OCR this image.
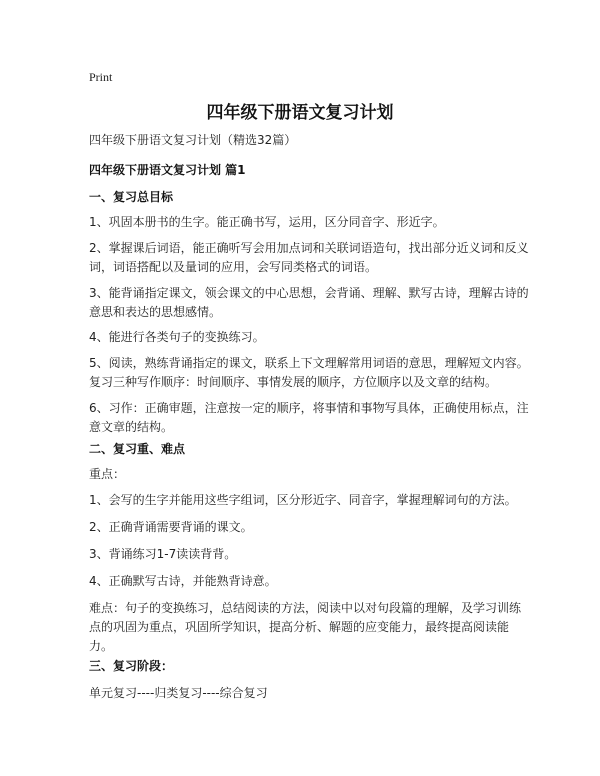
Print
四年级下册语文复习计划

四年级下册语文复习计划（精选32篇）

四年级下册语文复习计划 篇1

一、复习总目标

1、巩固本册书的生字。能正确书写，运用，区分同音字、形近字。

2、掌握课后词语，能正确听写会用加点词和关联词语造句，找出部分近义词和反义词，词语搭配以及量词的应用，会写同类格式的词语。

3、能背诵指定课文，领会课文的中心思想，会背诵、理解、默写古诗，理解古诗的意思和表达的思想感情。

4、能进行各类句子的变换练习。

5、阅读，熟练背诵指定的课文，联系上下文理解常用词语的意思，理解短文内容。复习三种写作顺序：时间顺序、事情发展的顺序，方位顺序以及文章的结构。

6、习作：正确审题，注意按一定的顺序，将事情和事物写具体，正确使用标点，注意文章的结构。

二、复习重、难点

重点：

1、会写的生字并能用这些字组词，区分形近字、同音字，掌握理解词句的方法。

2、正确背诵需要背诵的课文。

3、背诵练习1-7读读背背。

4、正确默写古诗，并能熟背诗意。

难点：句子的变换练习，总结阅读的方法，阅读中以对句段篇的理解，及学习训练点的巩固为重点，巩固所学知识，提高分析、解题的应变能力，最终提高阅读能力。

三、复习阶段：

单元复习----归类复习----综合复习
